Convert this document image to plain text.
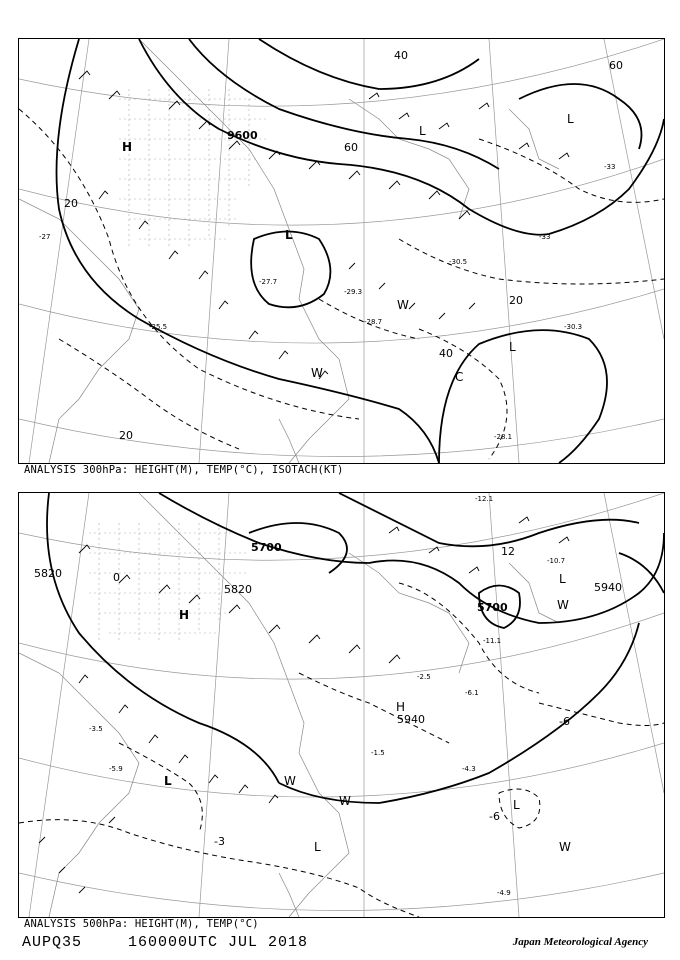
9600
20
40
60
20
40
20
60
H
L
L
L
L
W
W	C
-27	-33
-28.1
-30.5
-29.3
-30.3
-25.5
-28.7
-27.7
-33
ANALYSIS 300hPa: HEIGHT(M), TEMP(°C), ISOTACH(KT)
5700
5820
5820
5700
5940
5940
-3
-6
0
-6
12
H
L
H
L
L
L
W
W
W
W
-4.3
-4.9
-1.5
-5.9
-12.1
-10.7
-6.1
-2.5
-3.5
-11.1
ANALYSIS 500hPa: HEIGHT(M), TEMP(°C)
AUPQ35	160000UTC JUL 2018	Japan Meteorological Agency
